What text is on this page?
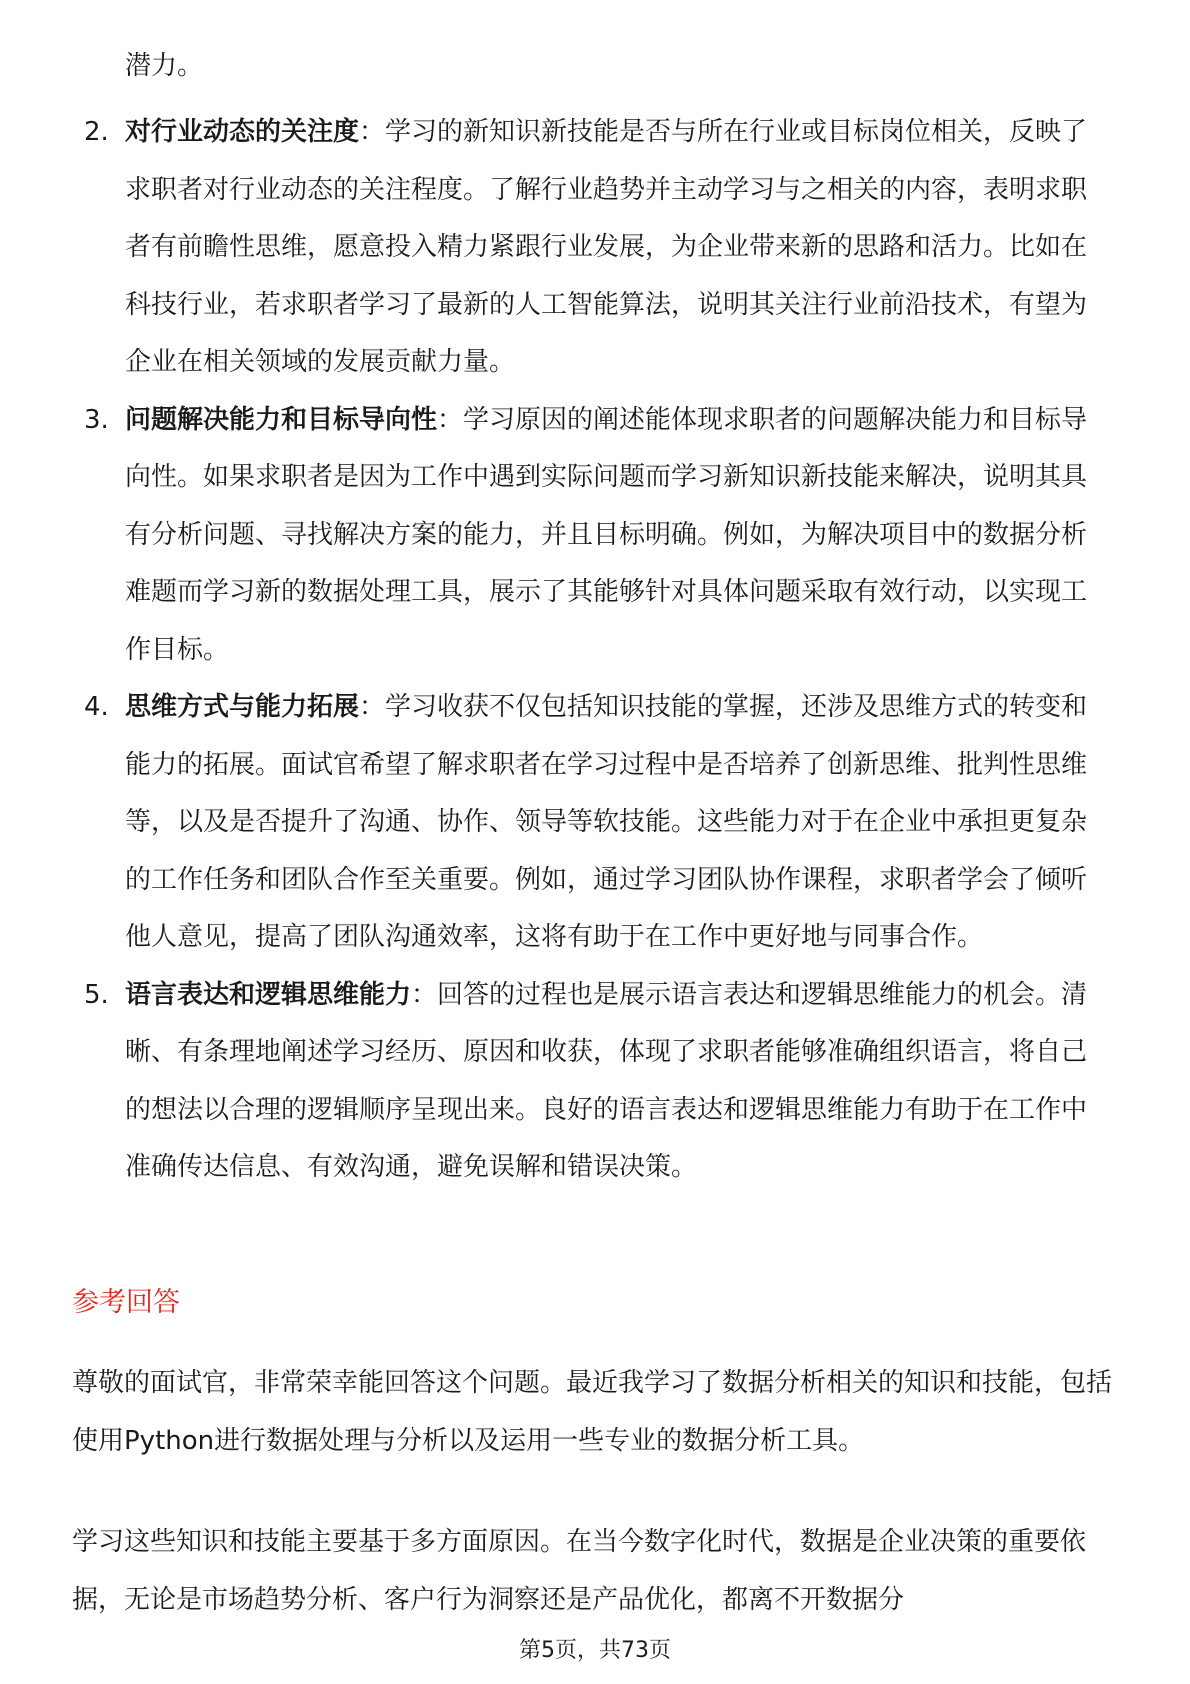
潜力。

2. 对行业动态的关注度：学习的新知识新技能是否与所在行业或目标岗位相关，反映了求职者对行业动态的关注程度。了解行业趋势并主动学习与之相关的内容，表明求职者有前瞻性思维，愿意投入精力紧跟行业发展，为企业带来新的思路和活力。比如在科技行业，若求职者学习了最新的人工智能算法，说明其关注行业前沿技术，有望为企业在相关领域的发展贡献力量。
3. 问题解决能力和目标导向性：学习原因的阐述能体现求职者的问题解决能力和目标导向性。如果求职者是因为工作中遇到实际问题而学习新知识新技能来解决，说明其具有分析问题、寻找解决方案的能力，并且目标明确。例如，为解决项目中的数据分析难题而学习新的数据处理工具，展示了其能够针对具体问题采取有效行动，以实现工作目标。
4. 思维方式与能力拓展：学习收获不仅包括知识技能的掌握，还涉及思维方式的转变和能力的拓展。面试官希望了解求职者在学习过程中是否培养了创新思维、批判性思维等，以及是否提升了沟通、协作、领导等软技能。这些能力对于在企业中承担更复杂的工作任务和团队合作至关重要。例如，通过学习团队协作课程，求职者学会了倾听他人意见，提高了团队沟通效率，这将有助于在工作中更好地与同事合作。
5. 语言表达和逻辑思维能力：回答的过程也是展示语言表达和逻辑思维能力的机会。清晰、有条理地阐述学习经历、原因和收获，体现了求职者能够准确组织语言，将自己的想法以合理的逻辑顺序呈现出来。良好的语言表达和逻辑思维能力有助于在工作中准确传达信息、有效沟通，避免误解和错误决策。
参考回答

尊敬的面试官，非常荣幸能回答这个问题。最近我学习了数据分析相关的知识和技能，包括使用Python进行数据处理与分析以及运用一些专业的数据分析工具。

学习这些知识和技能主要基于多方面原因。在当今数字化时代，数据是企业决策的重要依据，无论是市场趋势分析、客户行为洞察还是产品优化，都离不开数据分

第5页，共73页
